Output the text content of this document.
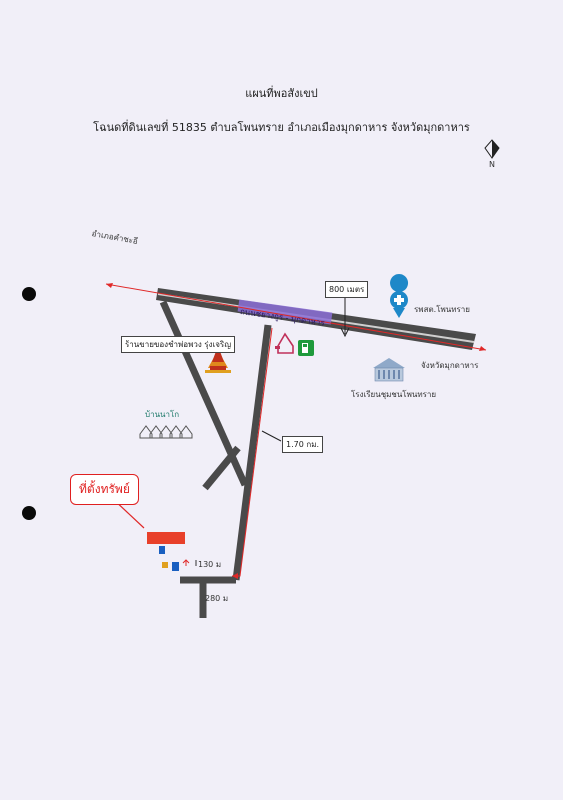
แผนที่พอสังเขป
โฉนดที่ดินเลขที่ 51835 ตำบลโพนทราย อำเภอเมืองมุกดาหาร จังหวัดมุกดาหาร
อำเภอคำชะอี
800 เมตร
รพสต.โพนทราย
ถนนชยางกูร - มุกดาหาร
จังหวัดมุกดาหาร
โรงเรียนชุมชนโพนทราย
ร้านขายของชำพ่อพวง รุ่งเจริญ
บ้านนาโก
1.70 กม.
ที่ตั้งทรัพย์
130 ม
280 ม
N
